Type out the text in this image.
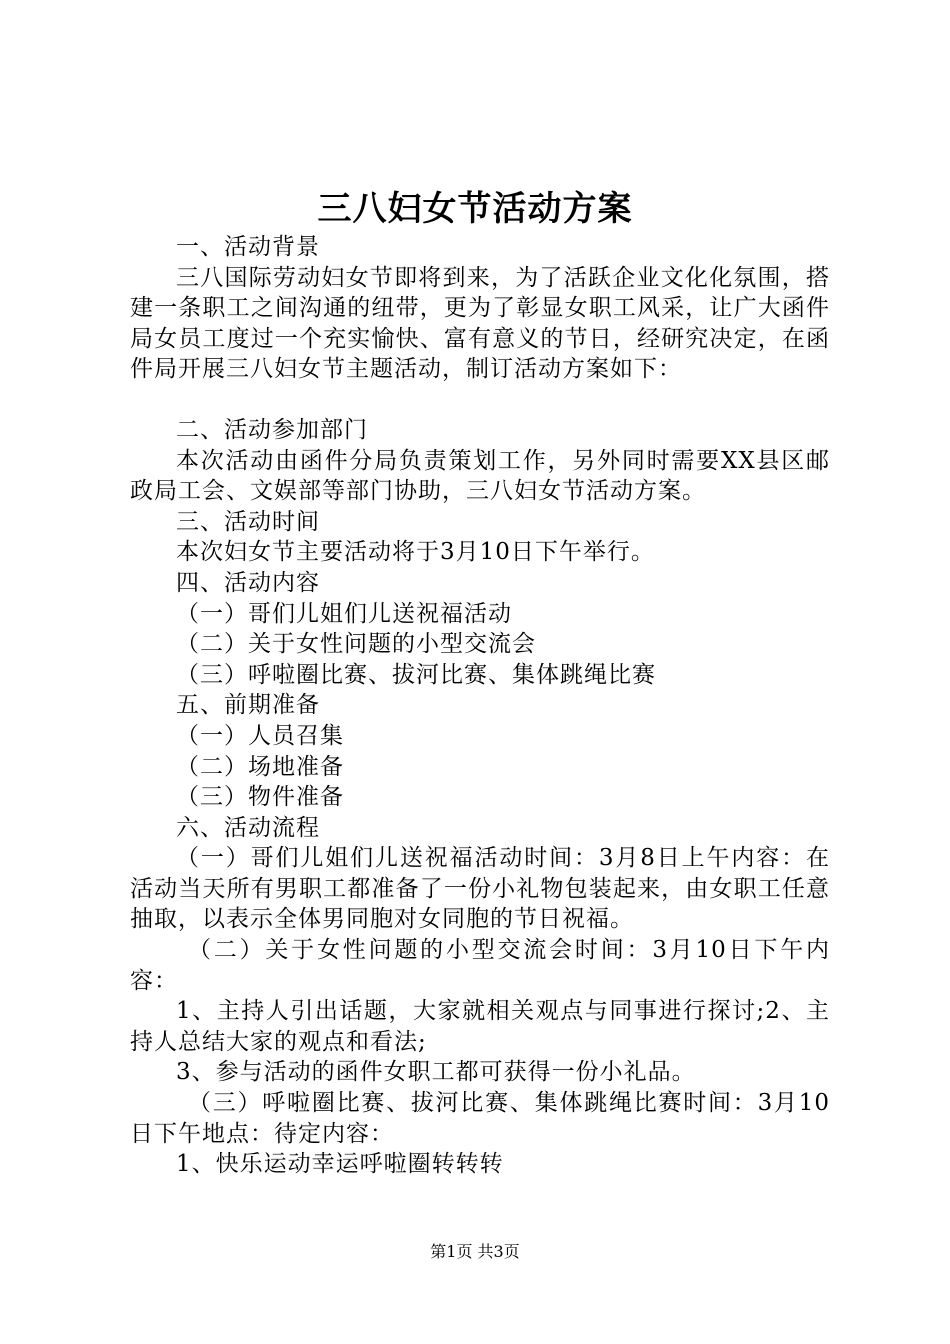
三八妇女节活动方案

一、活动背景

三八国际劳动妇女节即将到来，为了活跃企业文化化氛围，搭建一条职工之间沟通的纽带，更为了彰显女职工风采，让广大函件局女员工度过一个充实愉快、富有意义的节日，经研究决定，在函件局开展三八妇女节主题活动，制订活动方案如下：

二、活动参加部门

本次活动由函件分局负责策划工作，另外同时需要XX县区邮政局工会、文娱部等部门协助，三八妇女节活动方案。

三、活动时间

本次妇女节主要活动将于3月10日下午举行。

四、活动内容

（一）哥们儿姐们儿送祝福活动

（二）关于女性问题的小型交流会

（三）呼啦圈比赛、拔河比赛、集体跳绳比赛

五、前期准备

（一）人员召集

（二）场地准备

（三）物件准备

六、活动流程

（一）哥们儿姐们儿送祝福活动时间：3月8日上午内容：在活动当天所有男职工都准备了一份小礼物包装起来，由女职工任意抽取，以表示全体男同胞对女同胞的节日祝福。

（二）关于女性问题的小型交流会时间：3月10日下午内容：

1、主持人引出话题，大家就相关观点与同事进行探讨;2、主持人总结大家的观点和看法;

3、参与活动的函件女职工都可获得一份小礼品。

（三）呼啦圈比赛、拔河比赛、集体跳绳比赛时间：3月10日下午地点：待定内容：

1、快乐运动幸运呼啦圈转转转

第1页 共3页
